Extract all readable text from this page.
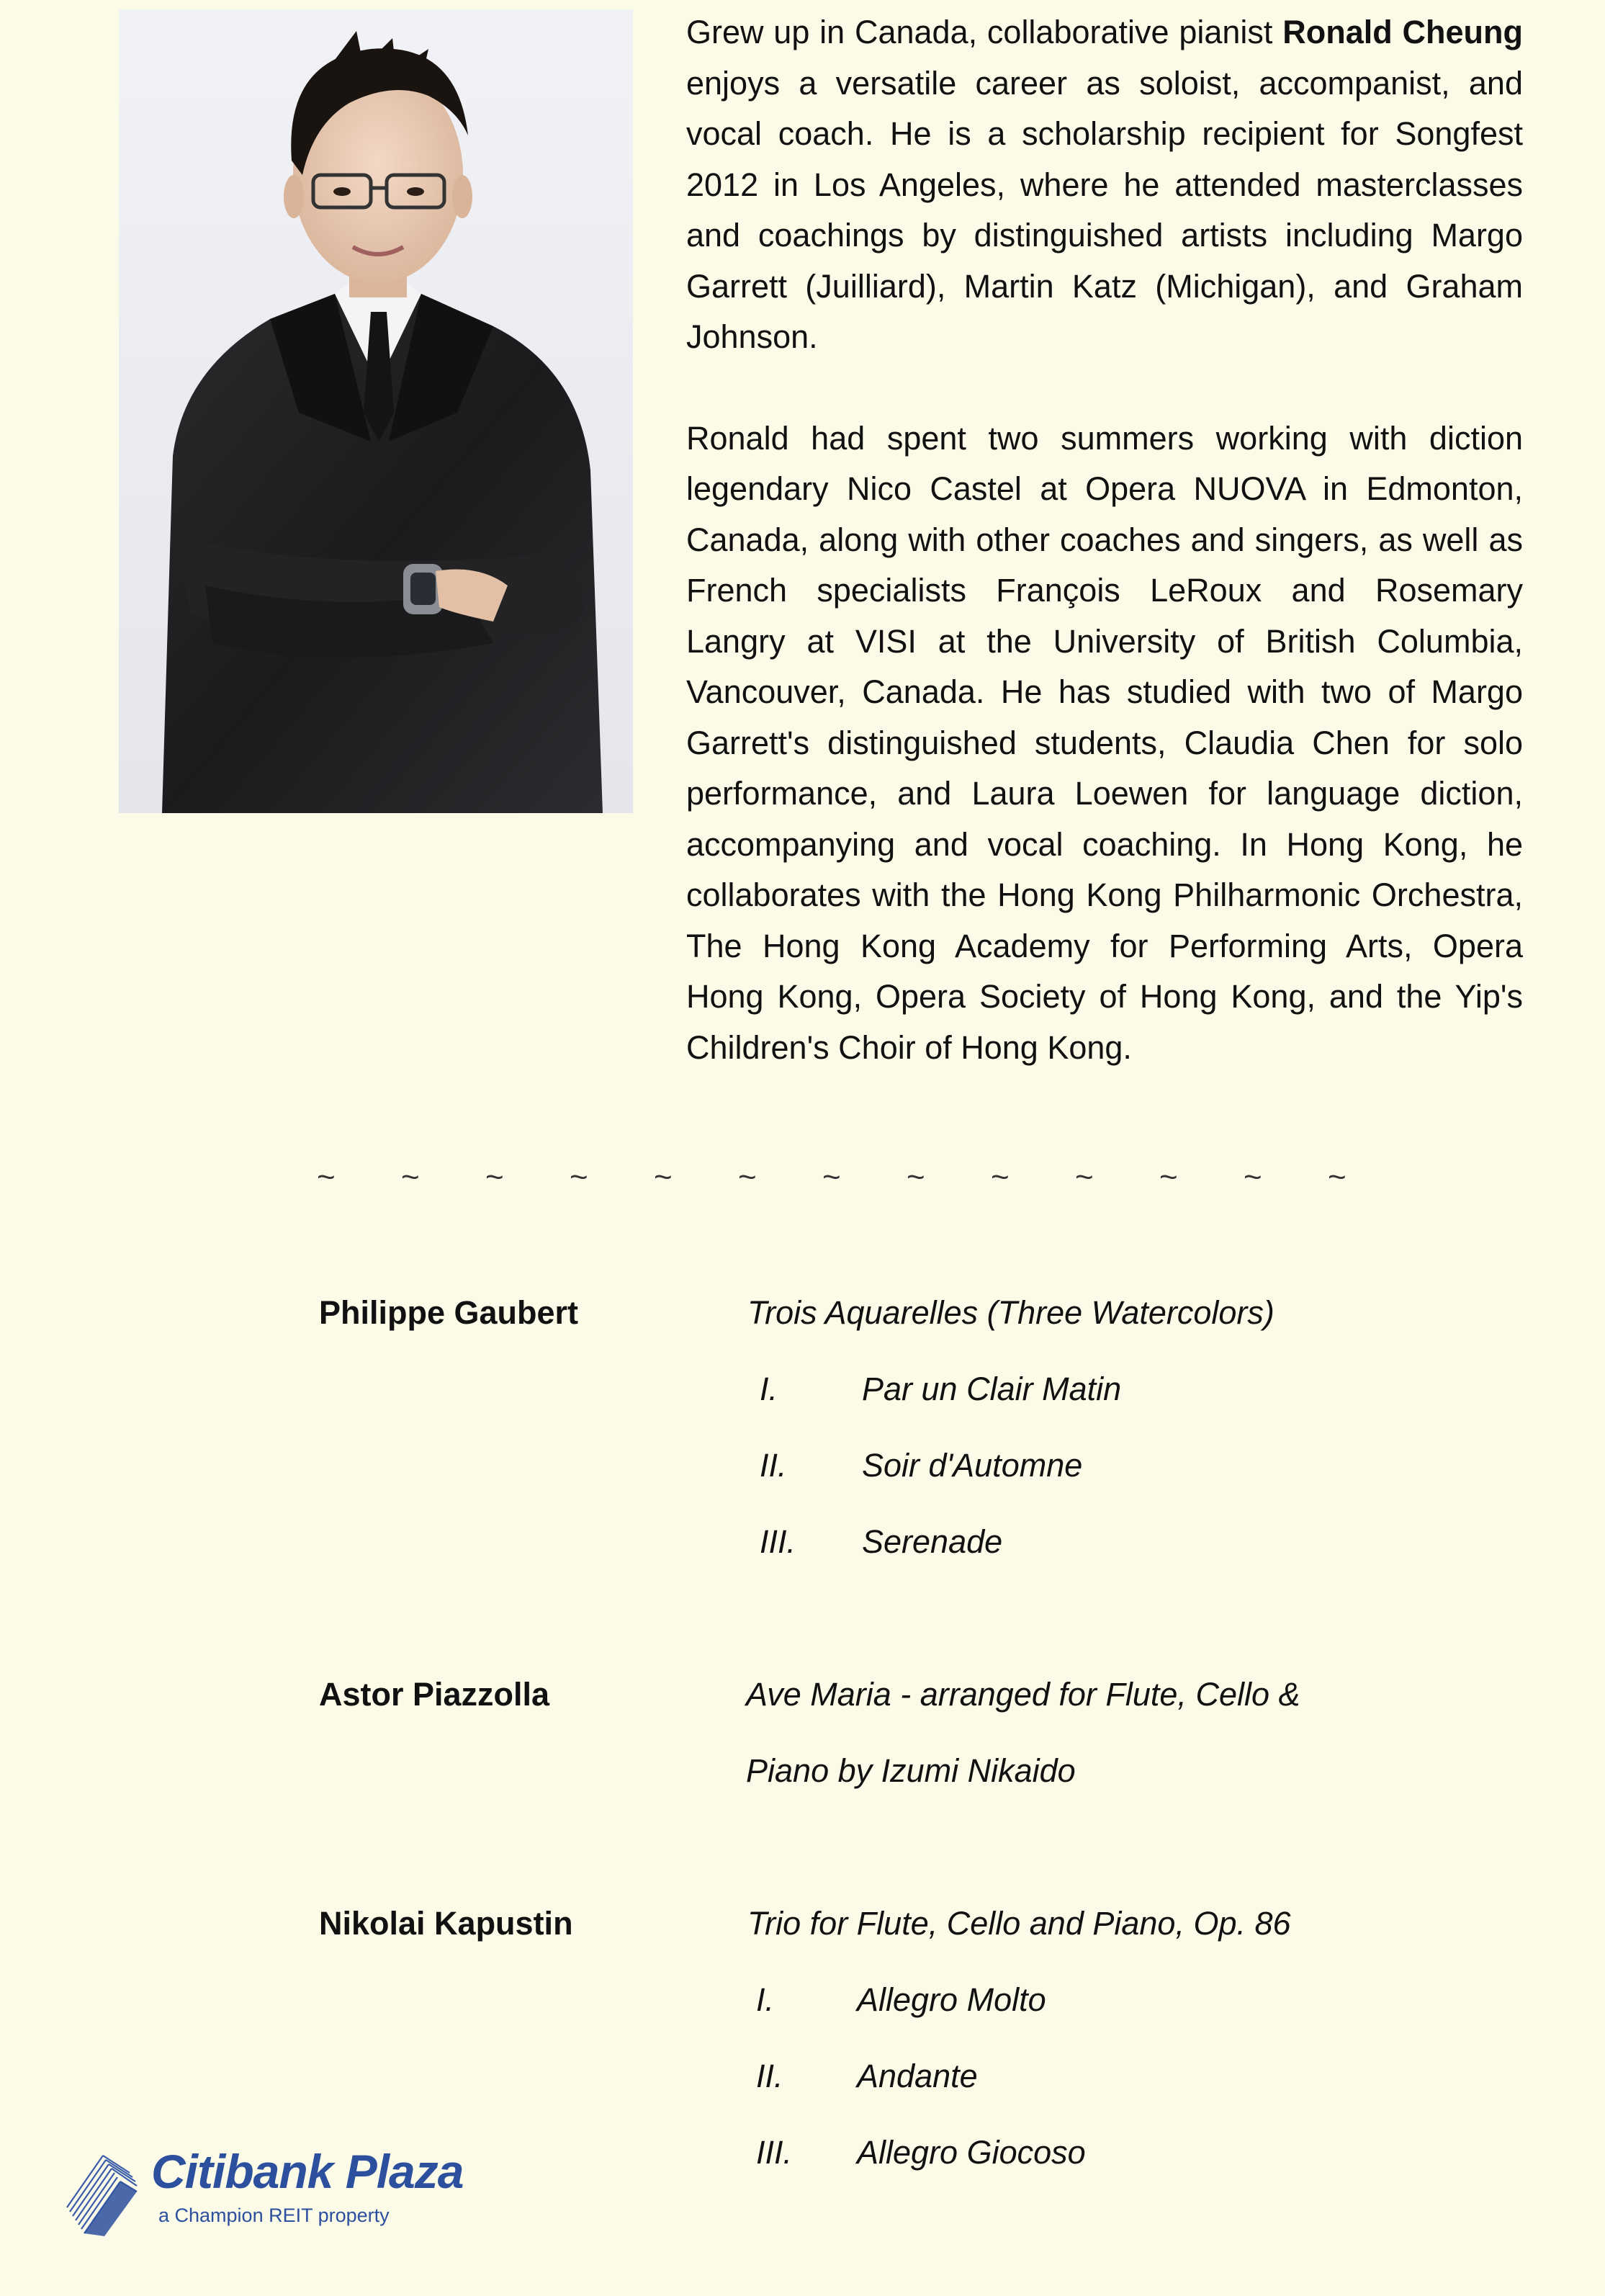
Grew up in Canada, collaborative pianist Ronald Cheung enjoys a versatile career as soloist, accompanist, and vocal coach. He is a scholarship recipient for Songfest 2012 in Los Angeles, where he attended masterclasses and coachings by distinguished artists including Margo Garrett (Juilliard), Martin Katz (Michigan), and Graham Johnson.

Ronald had spent two summers working with diction legendary Nico Castel at Opera NUOVA in Edmonton, Canada, along with other coaches and singers, as well as French specialists François LeRoux and Rosemary Langry at VISI at the University of British Columbia, Vancouver, Canada. He has studied with two of Margo Garrett's distinguished students, Claudia Chen for solo performance, and Laura Loewen for language diction, accompanying and vocal coaching. In Hong Kong, he collaborates with the Hong Kong Philharmonic Orchestra, The Hong Kong Academy for Performing Arts, Opera Hong Kong, Opera Society of Hong Kong, and the Yip's Children's Choir of Hong Kong.

~	~	~	~	~	~	~	~	~	~	~	~	~
Philippe Gaubert	Trois Aquarelles (Three Watercolors)
I.	Par un Clair Matin
II. Soir d'Automne
III. Serenade
Astor Piazzolla	Ave Maria - arranged for Flute, Cello &
Piano by Izumi Nikaido
Nikolai Kapustin	Trio for Flute, Cello and Piano, Op. 86
I.	Allegro Molto
II. Andante
III. Allegro Giocoso
Citibank Plaza
a Champion REIT property
